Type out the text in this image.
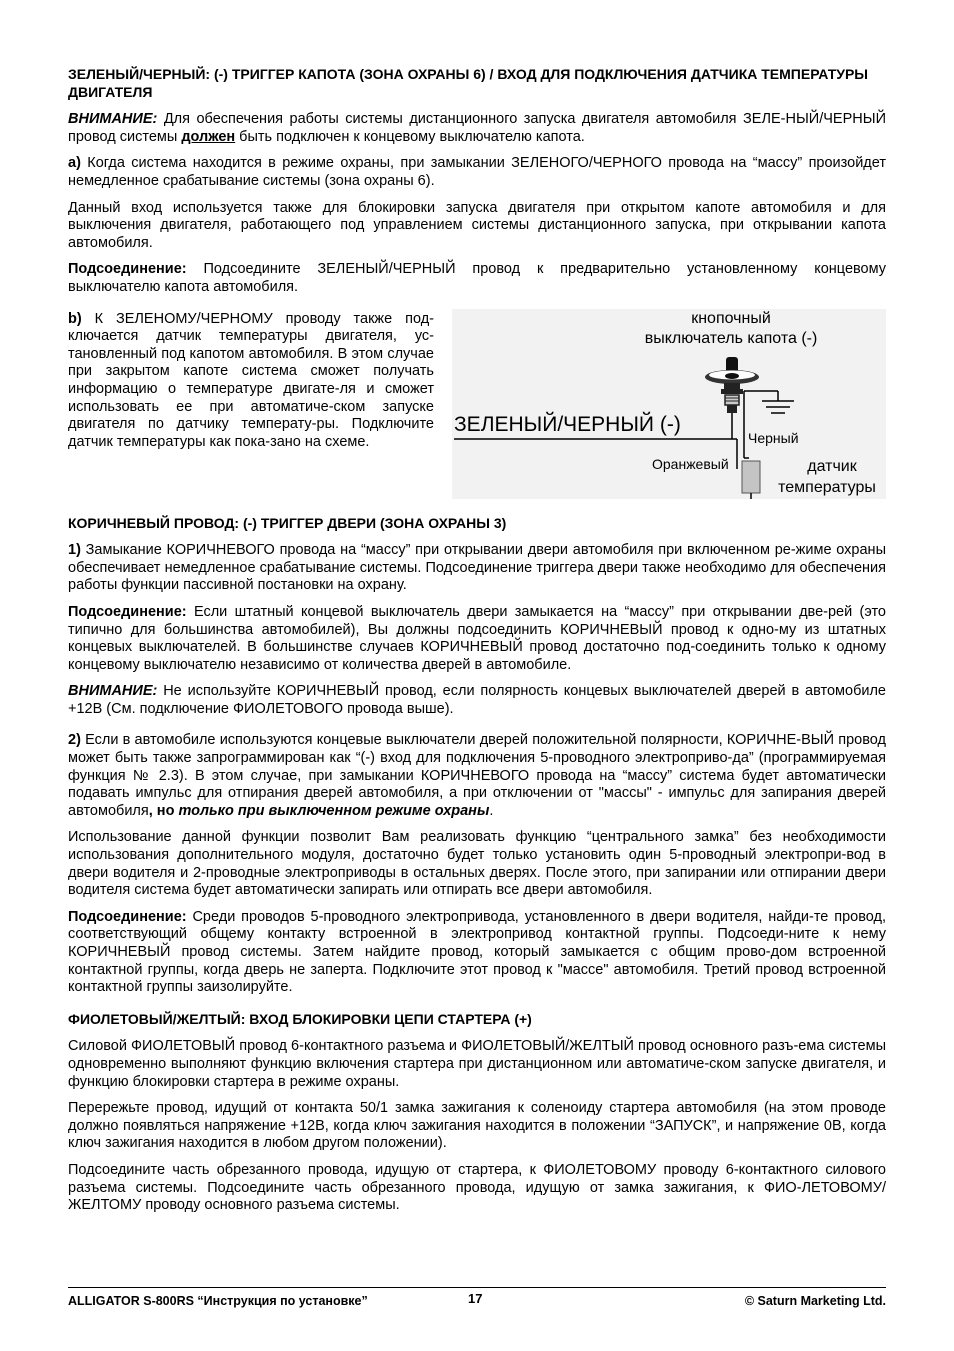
ЗЕЛЕНЫЙ/ЧЕРНЫЙ: (-) ТРИГГЕР КАПОТА (ЗОНА ОХРАНЫ 6) / ВХОД ДЛЯ ПОДКЛЮЧЕНИЯ ДАТЧИКА ТЕМПЕРАТУРЫ ДВИГАТЕЛЯ

ВНИМАНИЕ: Для обеспечения работы системы дистанционного запуска двигателя автомобиля ЗЕЛЕ-НЫЙ/ЧЕРНЫЙ провод системы должен быть подключен к концевому выключателю капота.

a) Когда система находится в режиме охраны, при замыкании ЗЕЛЕНОГО/ЧЕРНОГО провода на “массу” произойдет немедленное срабатывание системы (зона охраны 6).

Данный вход используется также для блокировки запуска двигателя при открытом капоте автомобиля и для выключения двигателя, работающего под управлением системы дистанционного запуска, при открывании капота автомобиля.

Подсоединение: Подсоедините ЗЕЛЕНЫЙ/ЧЕРНЫЙ провод к предварительно установленному концевому выключателю капота автомобиля.

b) К ЗЕЛЕНОМУ/ЧЕРНОМУ проводу также под-ключается датчик температуры двигателя, ус-тановленный под капотом автомобиля. В этом случае при закрытом капоте система сможет получать информацию о температуре двигате-ля и сможет использовать ее при автоматиче-ском запуске двигателя по датчику температу-ры. Подключите датчик температуры как пока-зано на схеме.

кнопочный
выключатель капота (-)
ЗЕЛЕНЫЙ/ЧЕРНЫЙ (-)
Черный
Оранжевый	датчик
температуры
КОРИЧНЕВЫЙ ПРОВОД: (-) ТРИГГЕР ДВЕРИ (ЗОНА ОХРАНЫ 3)

1) Замыкание КОРИЧНЕВОГО провода на “массу” при открывании двери автомобиля при включенном ре-жиме охраны обеспечивает немедленное срабатывание системы. Подсоединение триггера двери также необходимо для обеспечения работы функции пассивной постановки на охрану.

Подсоединение: Если штатный концевой выключатель двери замыкается на “массу” при открывании две-рей (это типично для большинства автомобилей), Вы должны подсоединить КОРИЧНЕВЫЙ провод к одно-му из штатных концевых выключателей. В большинстве случаев КОРИЧНЕВЫЙ провод достаточно под-соединить только к одному концевому выключателю независимо от количества дверей в автомобиле.

ВНИМАНИЕ: Не используйте КОРИЧНЕВЫЙ провод, если полярность концевых выключателей дверей в автомобиле +12В (См. подключение ФИОЛЕТОВОГО провода выше).

2) Если в автомобиле используются концевые выключатели дверей положительной полярности, КОРИЧНЕ-ВЫЙ провод может быть также запрограммирован как “(-) вход для подключения 5-проводного электроприво-да” (программируемая функция № 2.3). В этом случае, при замыкании КОРИЧНЕВОГО провода на “массу” система будет автоматически подавать импульс для отпирания дверей автомобиля, а при отключении от "массы" - импульс для запирания дверей автомобиля, но только при выключенном режиме охраны.

Использование данной функции позволит Вам реализовать функцию “центрального замка” без необходимости использования дополнительного модуля, достаточно будет только установить один 5-проводный электропри-вод в двери водителя и 2-проводные электроприводы в остальных дверях. После этого, при запирании или отпирании двери водителя система будет автоматически запирать или отпирать все двери автомобиля.

Подсоединение: Среди проводов 5-проводного электропривода, установленного в двери водителя, найди-те провод, соответствующий общему контакту встроенной в электропривод контактной группы. Подсоеди-ните к нему КОРИЧНЕВЫЙ провод системы. Затем найдите провод, который замыкается с общим прово-дом встроенной контактной группы, когда дверь не заперта. Подключите этот провод к "массе" автомобиля. Третий провод встроенной контактной группы заизолируйте.

ФИОЛЕТОВЫЙ/ЖЕЛТЫЙ: ВХОД БЛОКИРОВКИ ЦЕПИ СТАРТЕРА (+)

Силовой ФИОЛЕТОВЫЙ провод 6-контактного разъема и ФИОЛЕТОВЫЙ/ЖЕЛТЫЙ провод основного разъ-ема системы одновременно выполняют функцию включения стартера при дистанционном или автоматиче-ском запуске двигателя, и функцию блокировки стартера в режиме охраны.

Перережьте провод, идущий от контакта 50/1 замка зажигания к соленоиду стартера автомобиля (на этом проводе должно появляться напряжение +12В, когда ключ зажигания находится в положении “ЗАПУСК”, и напряжение 0В, когда ключ зажигания находится в любом другом положении).

Подсоедините часть обрезанного провода, идущую от стартера, к ФИОЛЕТОВОМУ проводу 6-контактного силового разъема системы. Подсоедините часть обрезанного провода, идущую от замка зажигания, к ФИО-ЛЕТОВОМУ/ЖЕЛТОМУ проводу основного разъема системы.

ALLIGATOR S-800RS “Инструкция по установке”	17	© Saturn Marketing Ltd.
